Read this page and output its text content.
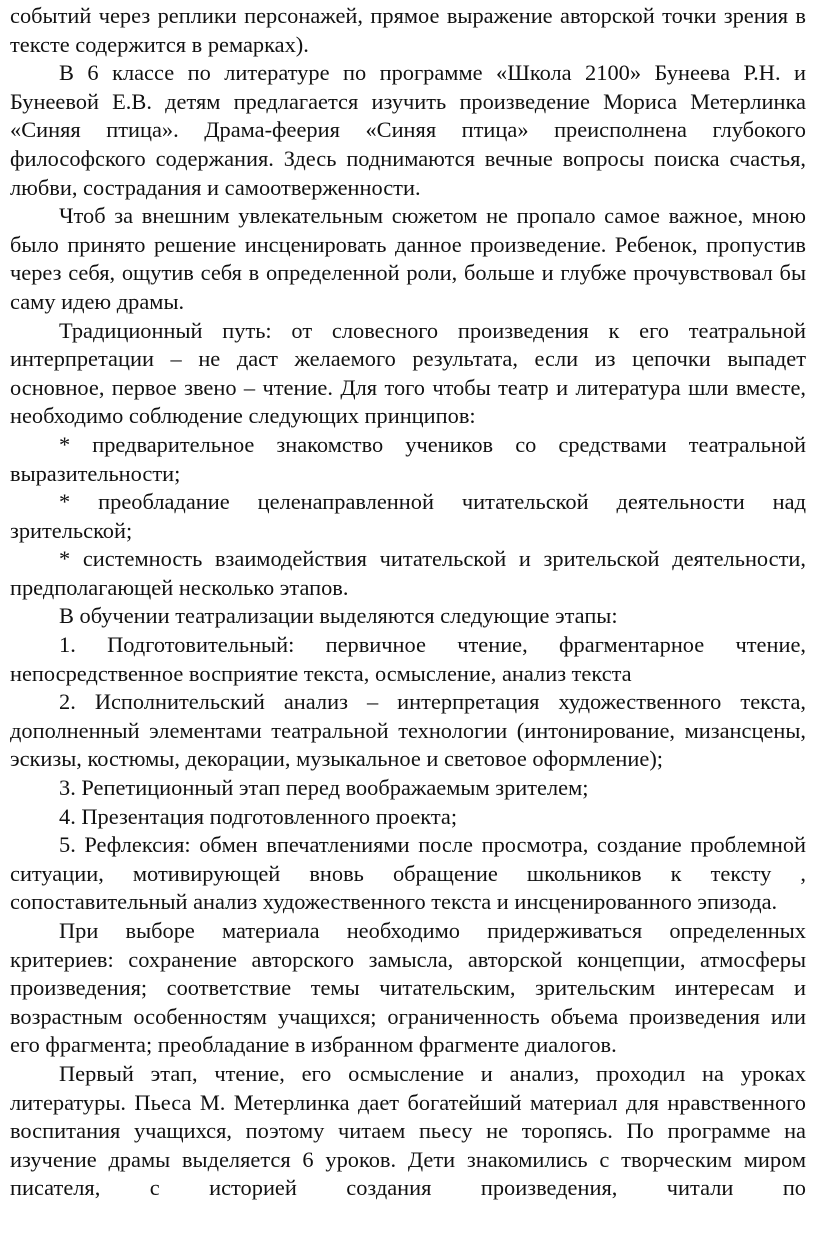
событий через реплики персонажей, прямое выражение авторской точки зрения в тексте содержится в ремарках).

В 6 классе по литературе по программе «Школа 2100» Бунеева Р.Н. и Бунеевой Е.В. детям предлагается изучить произведение Мориса Метерлинка «Синяя птица». Драма-феерия «Синяя птица» преисполнена глубокого философского содержания. Здесь поднимаются вечные вопросы поиска счастья, любви, сострадания и самоотверженности.

Чтоб за внешним увлекательным сюжетом не пропало самое важное, мною было принято решение инсценировать данное произведение. Ребенок, пропустив через себя, ощутив себя в определенной роли, больше и глубже прочувствовал бы саму идею драмы.

Традиционный путь: от словесного произведения к его театральной интерпретации – не даст желаемого результата, если из цепочки выпадет основное, первое звено – чтение. Для того чтобы театр и литература шли вместе, необходимо соблюдение следующих принципов:

* предварительное знакомство учеников со средствами театральной выразительности;

* преобладание целенаправленной читательской деятельности над зрительской;

* системность взаимодействия читательской и зрительской деятельности, предполагающей несколько этапов.

В обучении театрализации выделяются следующие этапы:

1. Подготовительный: первичное чтение, фрагментарное чтение, непосредственное восприятие текста, осмысление, анализ текста

2. Исполнительский анализ – интерпретация художественного текста, дополненный элементами театральной технологии (интонирование, мизансцены, эскизы, костюмы, декорации, музыкальное и световое оформление);

3. Репетиционный этап перед воображаемым зрителем;

4. Презентация подготовленного проекта;

5. Рефлексия: обмен впечатлениями после просмотра, создание проблемной ситуации, мотивирующей вновь обращение школьников к тексту , сопоставительный анализ художественного текста и инсценированного эпизода.

При выборе материала необходимо придерживаться определенных критериев: сохранение авторского замысла, авторской концепции, атмосферы произведения; соответствие темы читательским, зрительским интересам и возрастным особенностям учащихся; ограниченность объема произведения или его фрагмента; преобладание в избранном фрагменте диалогов.

Первый этап, чтение, его осмысление и анализ, проходил на уроках литературы. Пьеса М. Метерлинка дает богатейший материал для нравственного воспитания учащихся, поэтому читаем пьесу не торопясь. По программе на изучение драмы выделяется 6 уроков. Дети знакомились с творческим миром писателя, с историей создания произведения, читали по
